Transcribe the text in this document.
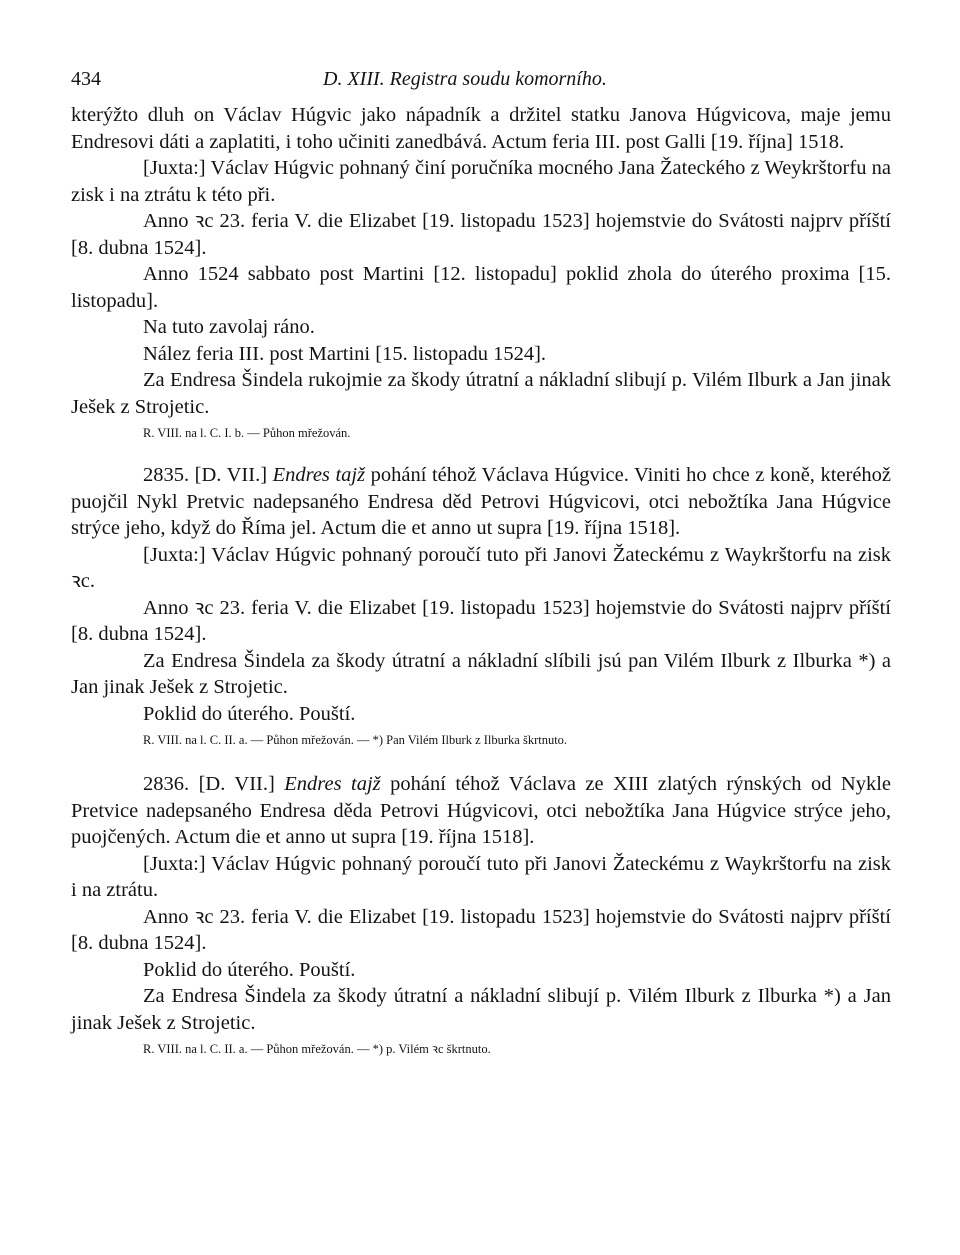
434	D. XIII. Registra soudu komorního.

kterýžto dluh on Václav Húgvic jako nápadník a držitel statku Janova Húgvicova, maje jemu Endresovi dáti a zaplatiti, i toho učiniti zanedbává. Actum feria III. post Galli [19. října] 1518.

[Juxta:] Václav Húgvic pohnaný činí poručníka mocného Jana Žateckého z Weykrštorfu na zisk i na ztrátu k této při.

Anno ꝛc 23. feria V. die Elizabet [19. listopadu 1523] hojemstvie do Svátosti najprv příští [8. dubna 1524].

Anno 1524 sabbato post Martini [12. listopadu] poklid zhola do úterého proxima [15. listopadu].

Na tuto zavolaj ráno.

Nález feria III. post Martini [15. listopadu 1524].

Za Endresa Šindela rukojmie za škody útratní a nákladní slibují p. Vilém Ilburk a Jan jinak Ješek z Strojetic.

R. VIII. na l. C. I. b. — Půhon mřežován.

2835. [D. VII.] Endres tajž pohání téhož Václava Húgvice. Viniti ho chce z koně, kteréhož puojčil Nykl Pretvic nadepsaného Endresa děd Petrovi Húgvicovi, otci nebožtíka Jana Húgvice strýce jeho, když do Říma jel. Actum die et anno ut supra [19. října 1518].

[Juxta:] Václav Húgvic pohnaný poroučí tuto při Janovi Žateckému z Waykrštorfu na zisk ꝛc.

Anno ꝛc 23. feria V. die Elizabet [19. listopadu 1523] hojemstvie do Svátosti najprv příští [8. dubna 1524].

Za Endresa Šindela za škody útratní a nákladní slíbili jsú pan Vilém Ilburk z Ilburka *) a Jan jinak Ješek z Strojetic.

Poklid do úterého. Pouští.

R. VIII. na l. C. II. a. — Půhon mřežován. — *) Pan Vilém Ilburk z Ilburka škrtnuto.

2836. [D. VII.] Endres tajž pohání téhož Václava ze XIII zlatých rýnských od Nykle Pretvice nadepsaného Endresa děda Petrovi Húgvicovi, otci nebožtíka Jana Húgvice strýce jeho, puojčených. Actum die et anno ut supra [19. října 1518].

[Juxta:] Václav Húgvic pohnaný poroučí tuto při Janovi Žateckému z Waykrštorfu na zisk i na ztrátu.

Anno ꝛc 23. feria V. die Elizabet [19. listopadu 1523] hojemstvie do Svátosti najprv příští [8. dubna 1524].

Poklid do úterého. Pouští.

Za Endresa Šindela za škody útratní a nákladní slibují p. Vilém Ilburk z Ilburka *) a Jan jinak Ješek z Strojetic.

R. VIII. na l. C. II. a. — Půhon mřežován. — *) p. Vilém ꝛc škrtnuto.
